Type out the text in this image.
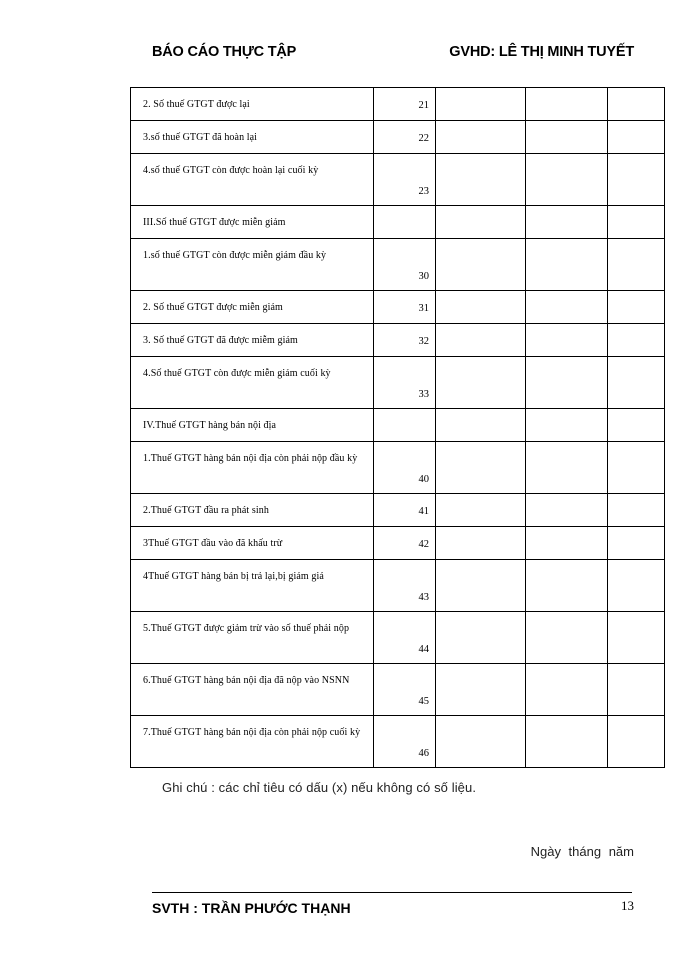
BÁO CÁO THỰC TẬP	GVHD: LÊ THỊ MINH TUYẾT
2. Số thuế GTGT được lại	21			

3.số thuế GTGT đã hoàn lại	22			

4.số thuế GTGT còn được hoàn lại cuối kỳ	23			

III.Số thuế GTGT được miễn giảm				

1.số thuế GTGT còn được miễn giảm đầu kỳ	30			

2. Số thuế GTGT được miễn giảm	31			

3. Số thuế GTGT đã được miễm giảm	32			

4.Số thuế GTGT còn được miễn giảm cuối kỳ	33			

IV.Thuế GTGT hàng bán nội địa				

1.Thuế GTGT hàng bán nội địa còn phải nộp đầu kỳ	40			

2.Thuế GTGT đầu ra phát sinh	41			

3Thuế GTGT đầu vào đã khấu trừ	42			

4Thuế GTGT hàng bán bị trả lại,bị giảm giá	43			

5.Thuế GTGT được giảm trừ vào số thuế phải nộp	44			

6.Thuế GTGT hàng bán nội địa đã nộp vào NSNN	45			

7.Thuế GTGT hàng bán nội địa còn phải nộp cuối kỳ	46			

Ghi chú : các chỉ tiêu có dấu (x) nếu không có số liệu.
Ngày tháng năm
SVTH : TRẦN PHƯỚC THẠNH	13
